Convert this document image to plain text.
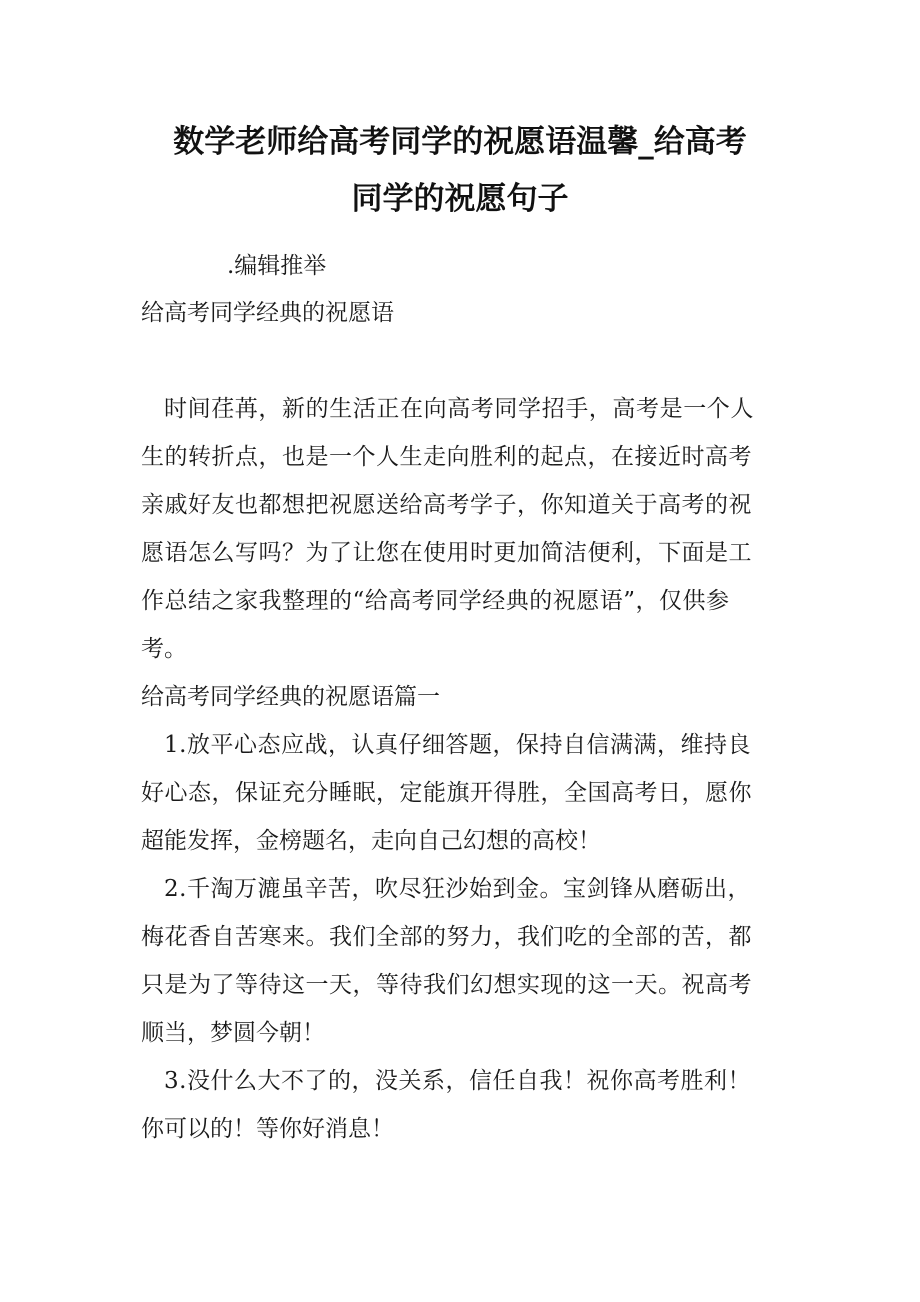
数学老师给高考同学的祝愿语温馨_给高考
同学的祝愿句子
.编辑推举
给高考同学经典的祝愿语
时间荏苒，新的生活正在向高考同学招手，高考是一个人
生的转折点，也是一个人生走向胜利的起点，在接近时高考
亲戚好友也都想把祝愿送给高考学子，你知道关于高考的祝
愿语怎么写吗？为了让您在使用时更加简洁便利，下面是工
作总结之家我整理的“给高考同学经典的祝愿语”，仅供参
考。
给高考同学经典的祝愿语篇一
1.放平心态应战，认真仔细答题，保持自信满满，维持良
好心态，保证充分睡眠，定能旗开得胜，全国高考日，愿你
超能发挥，金榜题名，走向自己幻想的高校！
2.千淘万漉虽辛苦，吹尽狂沙始到金。宝剑锋从磨砺出，
梅花香自苦寒来。我们全部的努力，我们吃的全部的苦，都
只是为了等待这一天，等待我们幻想实现的这一天。祝高考
顺当，梦圆今朝！
3.没什么大不了的，没关系，信任自我！祝你高考胜利！
你可以的！等你好消息！
